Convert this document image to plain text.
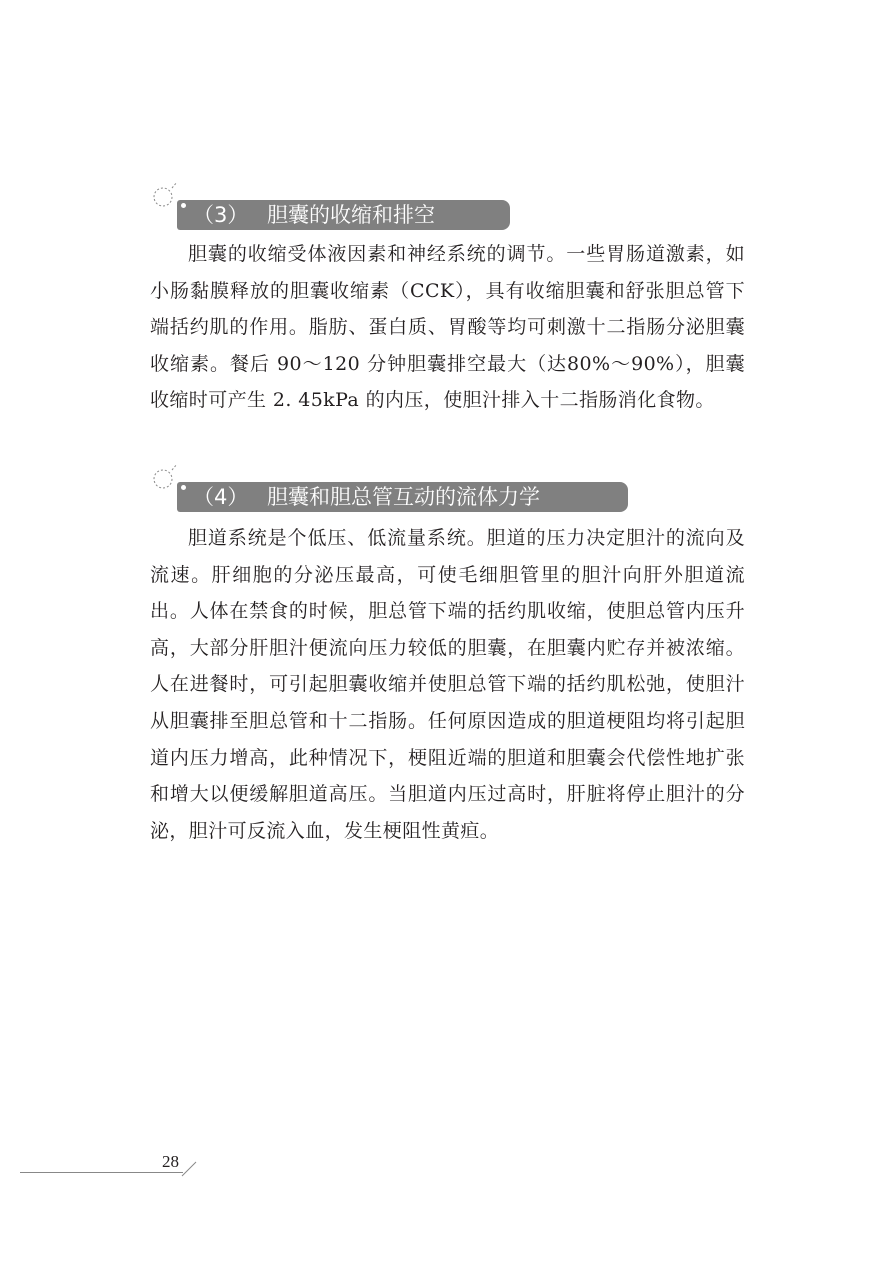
（3） 胆囊的收缩和排空

胆囊的收缩受体液因素和神经系统的调节。一些胃肠道激素，如小肠黏膜释放的胆囊收缩素（CCK），具有收缩胆囊和舒张胆总管下端括约肌的作用。脂肪、蛋白质、胃酸等均可刺激十二指肠分泌胆囊收缩素。餐后 90～120 分钟胆囊排空最大（达80%～90%），胆囊收缩时可产生 2. 45kPa 的内压，使胆汁排入十二指肠消化食物。

（4） 胆囊和胆总管互动的流体力学

胆道系统是个低压、低流量系统。胆道的压力决定胆汁的流向及流速。肝细胞的分泌压最高，可使毛细胆管里的胆汁向肝外胆道流出。人体在禁食的时候，胆总管下端的括约肌收缩，使胆总管内压升高，大部分肝胆汁便流向压力较低的胆囊，在胆囊内贮存并被浓缩。人在进餐时，可引起胆囊收缩并使胆总管下端的括约肌松弛，使胆汁从胆囊排至胆总管和十二指肠。任何原因造成的胆道梗阻均将引起胆道内压力增高，此种情况下，梗阻近端的胆道和胆囊会代偿性地扩张和增大以便缓解胆道高压。当胆道内压过高时，肝脏将停止胆汁的分泌，胆汁可反流入血，发生梗阻性黄疸。

28
